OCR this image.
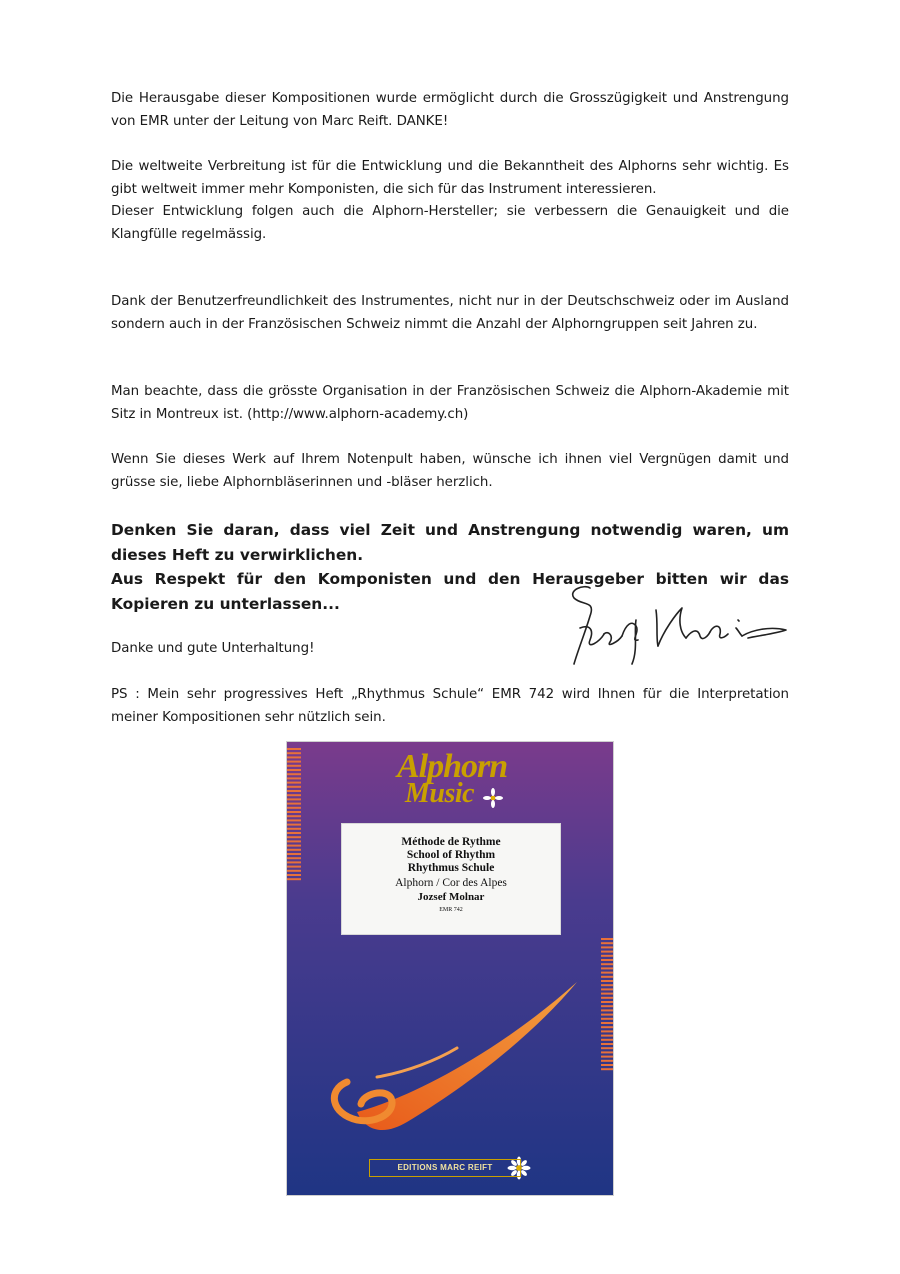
Die Herausgabe dieser Kompositionen wurde ermöglicht durch die Grosszügigkeit und Anstrengung von EMR unter der Leitung von Marc Reift. DANKE!

Die weltweite Verbreitung ist für die Entwicklung und die Bekanntheit des Alphorns sehr wichtig. Es gibt weltweit immer mehr Komponisten, die sich für das Instrument interessieren.

Dieser Entwicklung folgen auch die Alphorn-Hersteller; sie verbessern die Genauigkeit und die Klangfülle regelmässig.

Dank der Benutzerfreundlichkeit des Instrumentes, nicht nur in der Deutschschweiz oder im Ausland sondern auch in der Französischen Schweiz nimmt die Anzahl der Alphorngruppen seit Jahren zu.

Man beachte, dass die grösste Organisation in der Französischen Schweiz die Alphorn-Akademie mit Sitz in Montreux ist. (http://www.alphorn-academy.ch)

Wenn Sie dieses Werk auf Ihrem Notenpult haben, wünsche ich ihnen viel Vergnügen damit und grüsse sie, liebe Alphornbläserinnen und -bläser herzlich.

Denken Sie daran, dass viel Zeit und Anstrengung notwendig waren, um dieses Heft zu verwirklichen.

Aus Respekt für den Komponisten und den Herausgeber bitten wir das Kopieren zu unterlassen...

Danke und gute Unterhaltung!

PS : Mein sehr progressives Heft „Rhythmus Schule“ EMR 742 wird Ihnen für die Interpretation meiner Kompositionen sehr nützlich sein.

Alphorn
Music
Méthode de Rythme
School of Rhythm
Rhythmus Schule
Alphorn / Cor des Alpes
Jozsef Molnar
EMR 742
EDITIONS MARC REIFT
